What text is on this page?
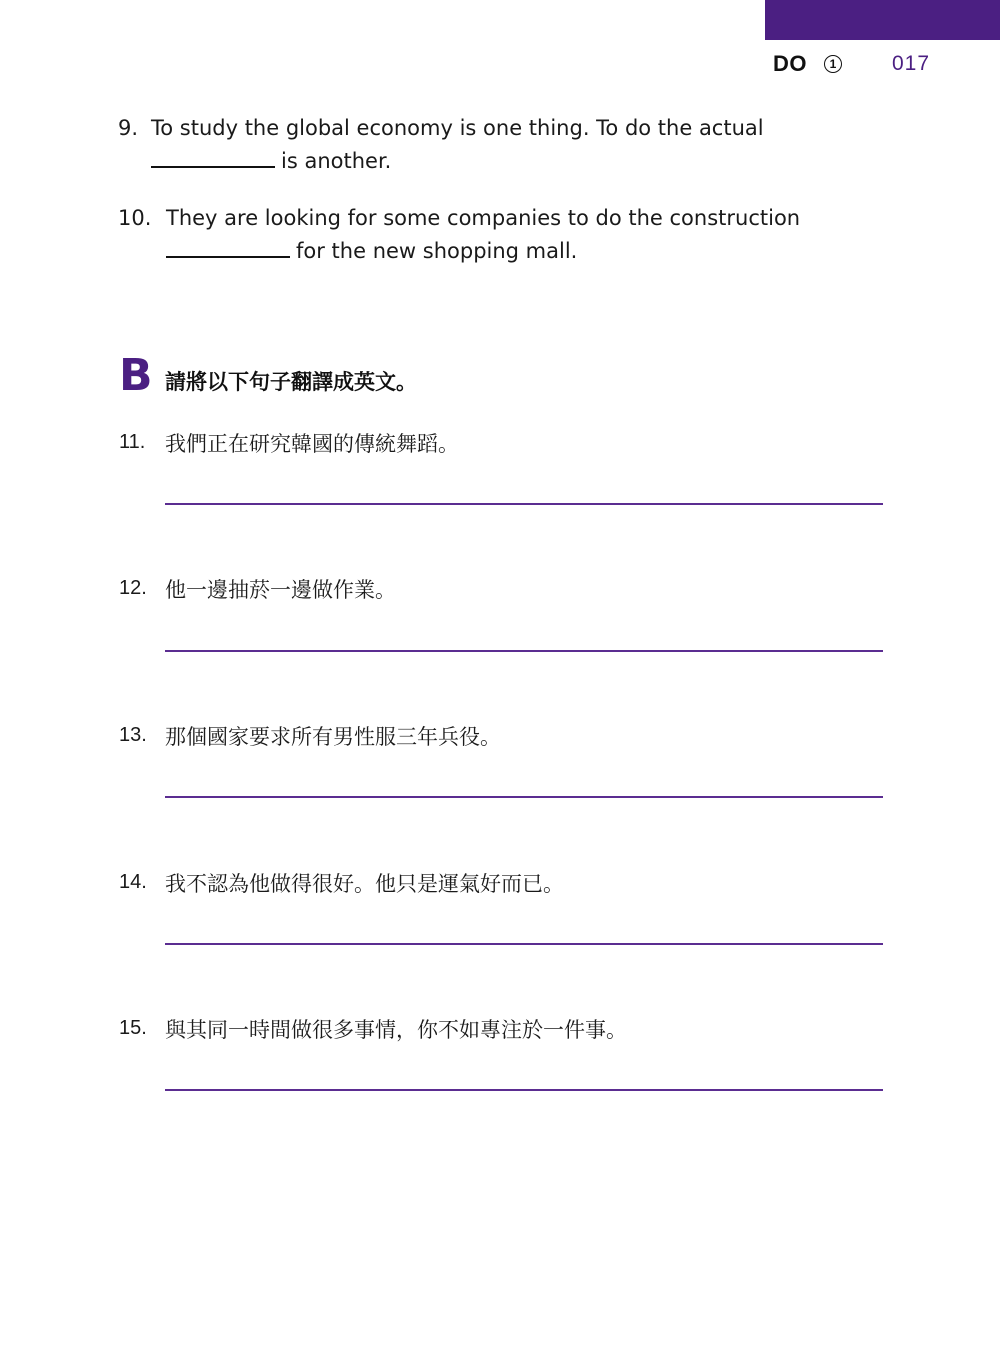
DO	1	017
9. To study the global economy is one thing. To do the actual
is another.
10. They are looking for some companies to do the construction
for the new shopping mall.
B 請將以下句子翻譯成英文。
11. 我們正在研究韓國的傳統舞蹈。
12. 他一邊抽菸一邊做作業。
13. 那個國家要求所有男性服三年兵役。
14. 我不認為他做得很好。他只是運氣好而已。
15. 與其同一時間做很多事情，你不如專注於一件事。
